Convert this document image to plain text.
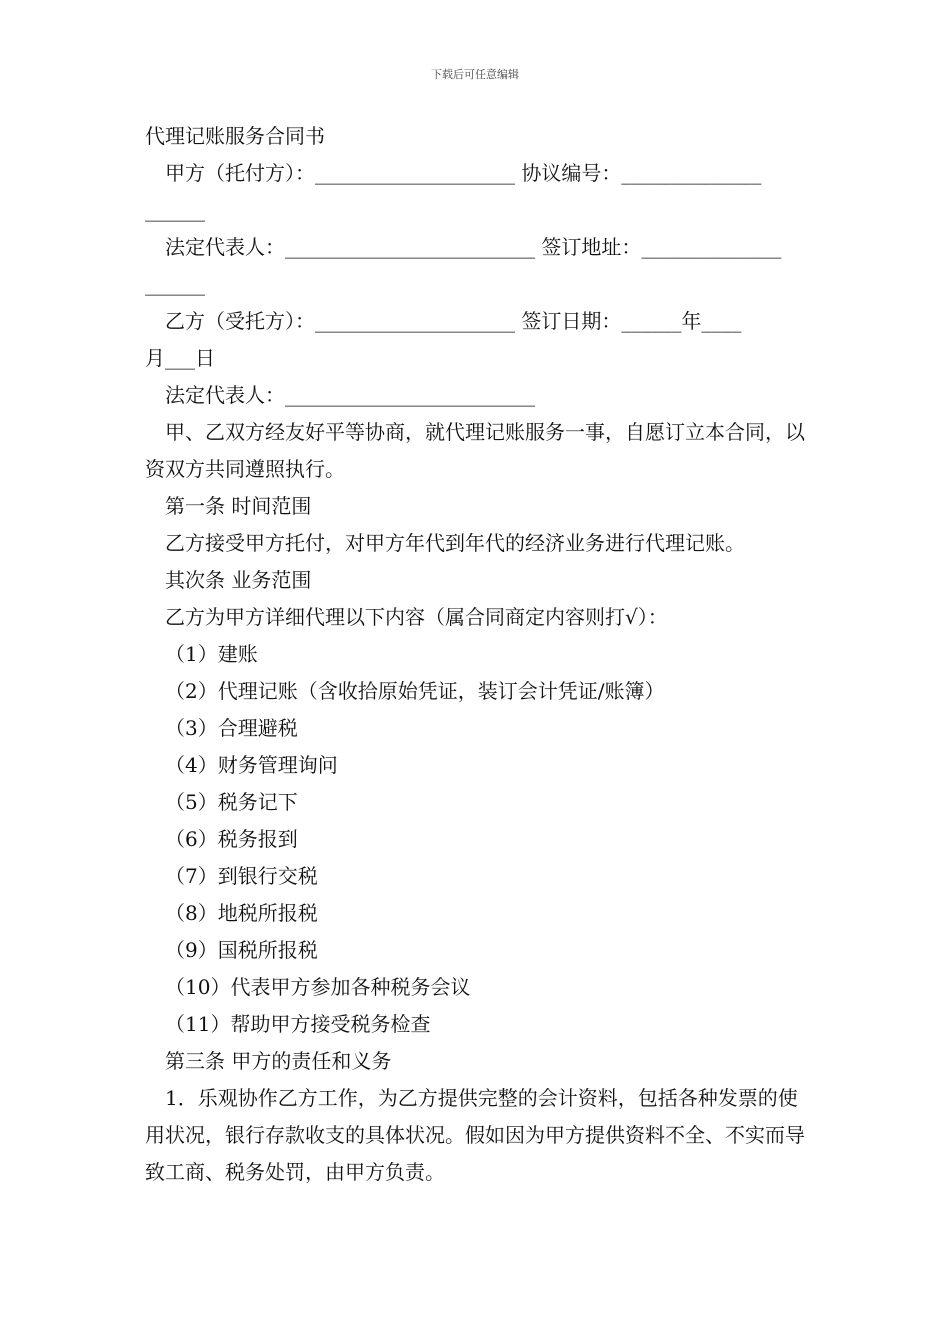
下载后可任意编辑

代理记账服务合同书

甲方（托付方）：____________________ 协议编号：______________

______

法定代表人：_________________________ 签订地址：______________

______

乙方（受托方）：____________________ 签订日期：______年____

月___日

法定代表人：_________________________

甲、乙双方经友好平等协商，就代理记账服务一事，自愿订立本合同，以资双方共同遵照执行。

第一条 时间范围

乙方接受甲方托付，对甲方年代到年代的经济业务进行代理记账。

其次条 业务范围

乙方为甲方详细代理以下内容（属合同商定内容则打√）：

（1）建账

（2）代理记账（含收拾原始凭证，装订会计凭证/账簿）

（3）合理避税

（4）财务管理询问

（5）税务记下

（6）税务报到

（7）到银行交税

（8）地税所报税

（9）国税所报税

（10）代表甲方参加各种税务会议

（11）帮助甲方接受税务检查

第三条 甲方的责任和义务

1．乐观协作乙方工作，为乙方提供完整的会计资料，包括各种发票的使用状况，银行存款收支的具体状况。假如因为甲方提供资料不全、不实而导致工商、税务处罚，由甲方负责。
